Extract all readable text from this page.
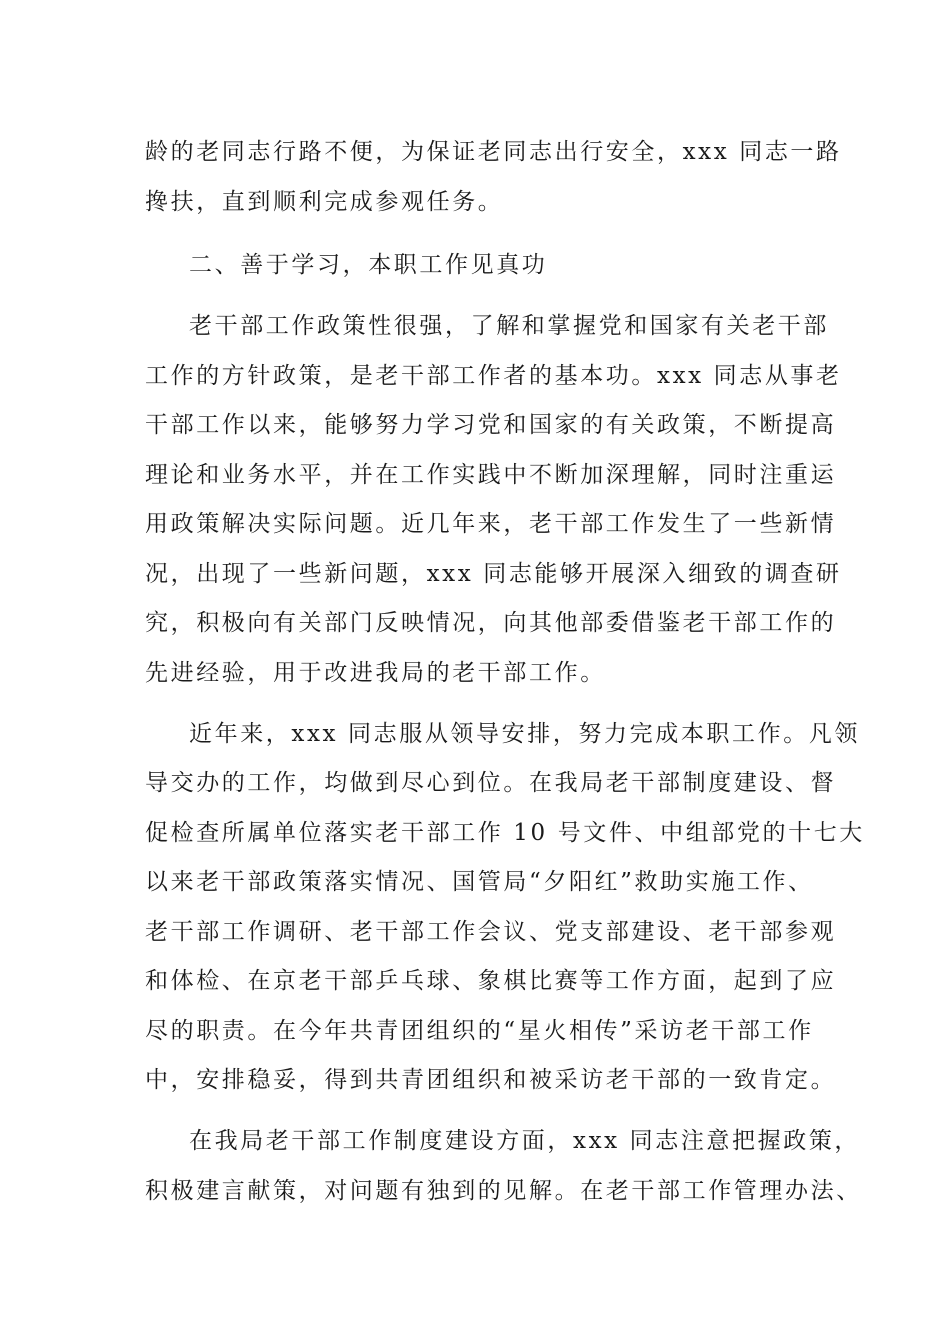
龄的老同志行路不便，为保证老同志出行安全，xxx 同志一路
搀扶，直到顺利完成参观任务。
二、善于学习，本职工作见真功
老干部工作政策性很强，了解和掌握党和国家有关老干部
工作的方针政策，是老干部工作者的基本功。xxx 同志从事老
干部工作以来，能够努力学习党和国家的有关政策，不断提高
理论和业务水平，并在工作实践中不断加深理解，同时注重运
用政策解决实际问题。近几年来，老干部工作发生了一些新情
况，出现了一些新问题，xxx 同志能够开展深入细致的调查研
究，积极向有关部门反映情况，向其他部委借鉴老干部工作的
先进经验，用于改进我局的老干部工作。
近年来，xxx 同志服从领导安排，努力完成本职工作。凡领
导交办的工作，均做到尽心到位。在我局老干部制度建设、督
促检查所属单位落实老干部工作 10 号文件、中组部党的十七大
以来老干部政策落实情况、国管局“夕阳红”救助实施工作、
老干部工作调研、老干部工作会议、党支部建设、老干部参观
和体检、在京老干部乒乓球、象棋比赛等工作方面，起到了应
尽的职责。在今年共青团组织的“星火相传”采访老干部工作
中，安排稳妥，得到共青团组织和被采访老干部的一致肯定。
在我局老干部工作制度建设方面，xxx 同志注意把握政策，
积极建言献策，对问题有独到的见解。在老干部工作管理办法、
